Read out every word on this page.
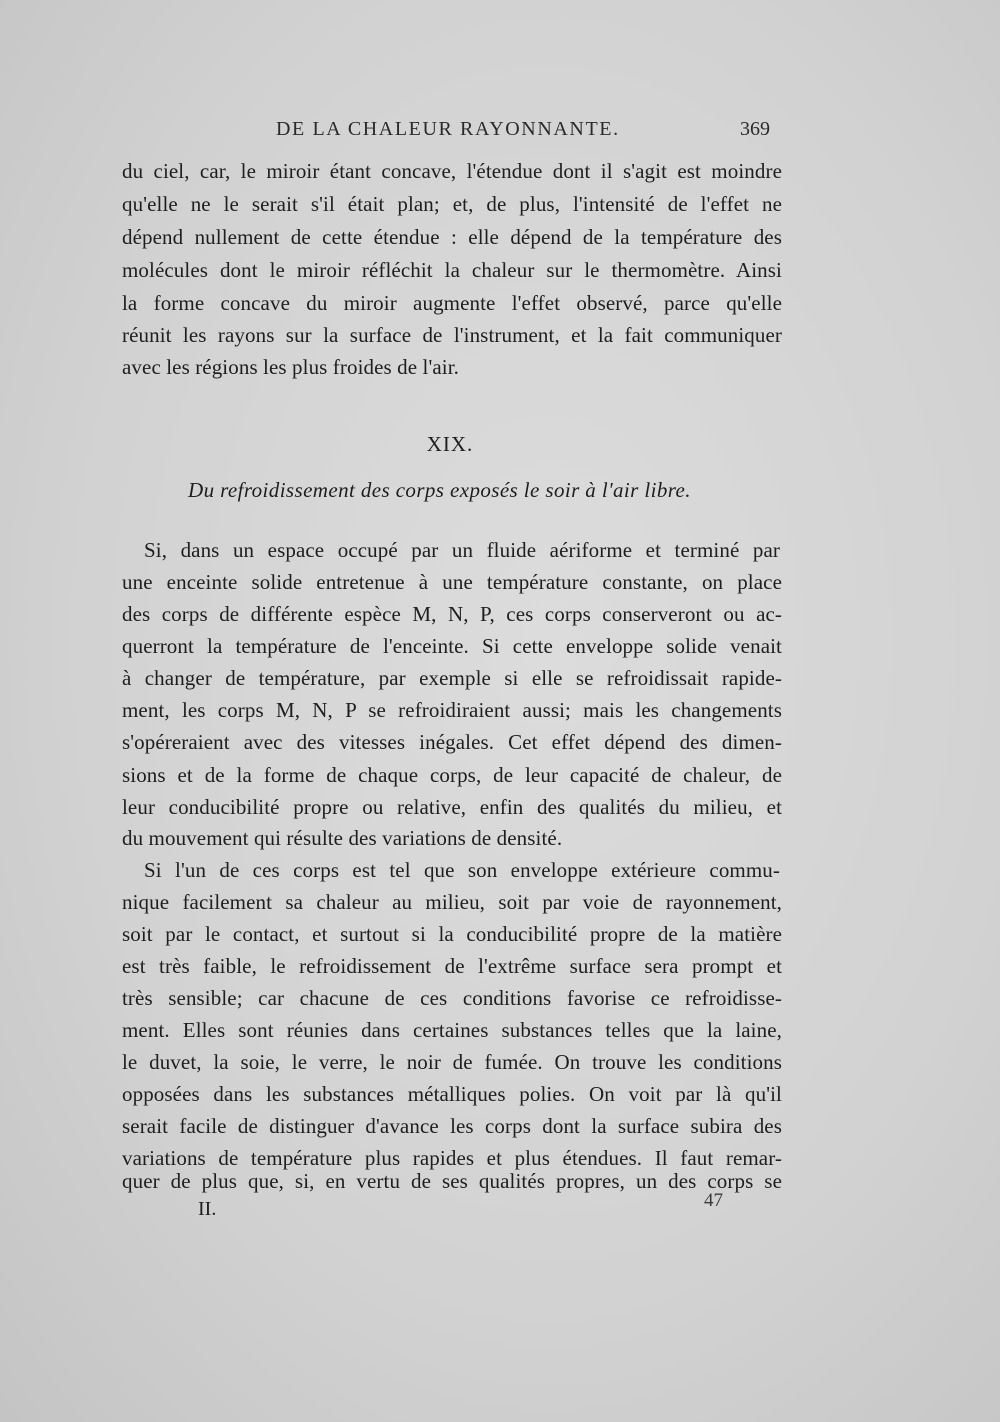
DE LA CHALEUR RAYONNANTE.	369
du ciel, car, le miroir étant concave, l'étendue dont il s'agit est moindre
qu'elle ne le serait s'il était plan; et, de plus, l'intensité de l'effet ne
dépend nullement de cette étendue : elle dépend de la température des
molécules dont le miroir réfléchit la chaleur sur le thermomètre. Ainsi
la forme concave du miroir augmente l'effet observé, parce qu'elle
réunit les rayons sur la surface de l'instrument, et la fait communiquer
avec les régions les plus froides de l'air.
XIX.
Du refroidissement des corps exposés le soir à l'air libre.
Si, dans un espace occupé par un fluide aériforme et terminé par
une enceinte solide entretenue à une température constante, on place
des corps de différente espèce M, N, P, ces corps conserveront ou ac-
querront la température de l'enceinte. Si cette enveloppe solide venait
à changer de température, par exemple si elle se refroidissait rapide-
ment, les corps M, N, P se refroidiraient aussi; mais les changements
s'opéreraient avec des vitesses inégales. Cet effet dépend des dimen-
sions et de la forme de chaque corps, de leur capacité de chaleur, de
leur conducibilité propre ou relative, enfin des qualités du milieu, et
du mouvement qui résulte des variations de densité.
Si l'un de ces corps est tel que son enveloppe extérieure commu-
nique facilement sa chaleur au milieu, soit par voie de rayonnement,
soit par le contact, et surtout si la conducibilité propre de la matière
est très faible, le refroidissement de l'extrême surface sera prompt et
très sensible; car chacune de ces conditions favorise ce refroidisse-
ment. Elles sont réunies dans certaines substances telles que la laine,
le duvet, la soie, le verre, le noir de fumée. On trouve les conditions
opposées dans les substances métalliques polies. On voit par là qu'il
serait facile de distinguer d'avance les corps dont la surface subira des
variations de température plus rapides et plus étendues. Il faut remar-
quer de plus que, si, en vertu de ses qualités propres, un des corps se
II.	47
